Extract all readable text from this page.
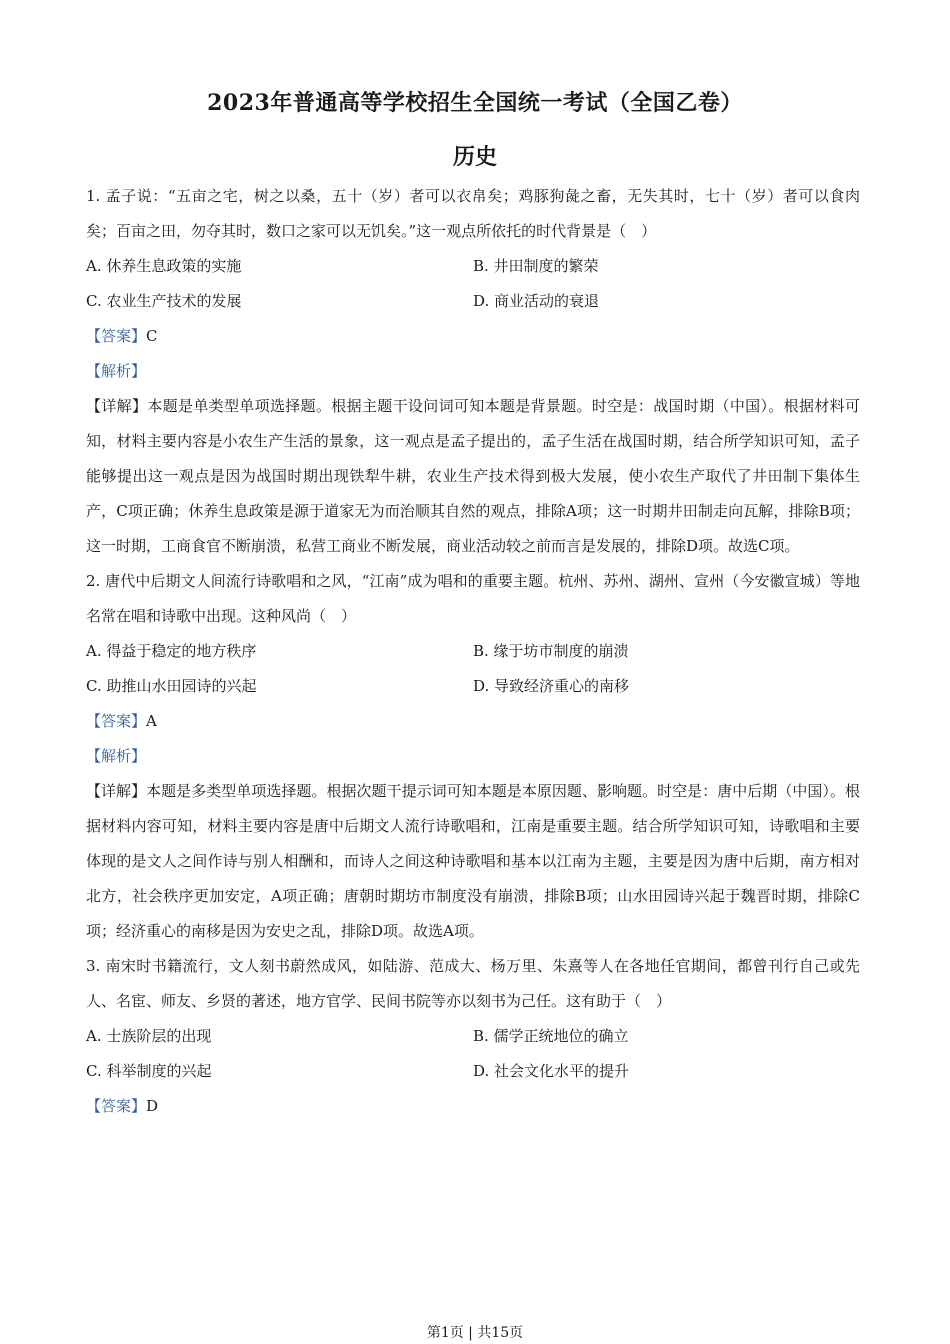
2023年普通高等学校招生全国统一考试（全国乙卷）
历史

1. 孟子说：“五亩之宅，树之以桑，五十（岁）者可以衣帛矣；鸡豚狗彘之畜，无失其时，七十（岁）者可以食肉矣；百亩之田，勿夺其时，数口之家可以无饥矣。”这一观点所依托的时代背景是（　）

A. 休养生息政策的实施	B. 井田制度的繁荣
C. 农业生产技术的发展	D. 商业活动的衰退

【答案】C

【解析】

【详解】本题是单类型单项选择题。根据主题干设问词可知本题是背景题。时空是：战国时期（中国）。根据材料可知，材料主要内容是小农生产生活的景象，这一观点是孟子提出的，孟子生活在战国时期，结合所学知识可知，孟子能够提出这一观点是因为战国时期出现铁犁牛耕，农业生产技术得到极大发展，使小农生产取代了井田制下集体生产，C项正确；休养生息政策是源于道家无为而治顺其自然的观点，排除A项；这一时期井田制走向瓦解，排除B项；这一时期，工商食官不断崩溃，私营工商业不断发展，商业活动较之前而言是发展的，排除D项。故选C项。

2. 唐代中后期文人间流行诗歌唱和之风，“江南”成为唱和的重要主题。杭州、苏州、湖州、宣州（今安徽宣城）等地名常在唱和诗歌中出现。这种风尚（　）

A. 得益于稳定的地方秩序	B. 缘于坊市制度的崩溃
C. 助推山水田园诗的兴起	D. 导致经济重心的南移

【答案】A

【解析】

【详解】本题是多类型单项选择题。根据次题干提示词可知本题是本原因题、影响题。时空是：唐中后期（中国）。根据材料内容可知，材料主要内容是唐中后期文人流行诗歌唱和，江南是重要主题。结合所学知识可知，诗歌唱和主要体现的是文人之间作诗与别人相酬和，而诗人之间这种诗歌唱和基本以江南为主题，主要是因为唐中后期，南方相对北方，社会秩序更加安定，A项正确；唐朝时期坊市制度没有崩溃，排除B项；山水田园诗兴起于魏晋时期，排除C项；经济重心的南移是因为安史之乱，排除D项。故选A项。

3. 南宋时书籍流行，文人刻书蔚然成风，如陆游、范成大、杨万里、朱熹等人在各地任官期间，都曾刊行自己或先人、名宦、师友、乡贤的著述，地方官学、民间书院等亦以刻书为己任。这有助于（　）

A. 士族阶层的出现	B. 儒学正统地位的确立
C. 科举制度的兴起	D. 社会文化水平的提升

【答案】D

第1页 | 共15页
